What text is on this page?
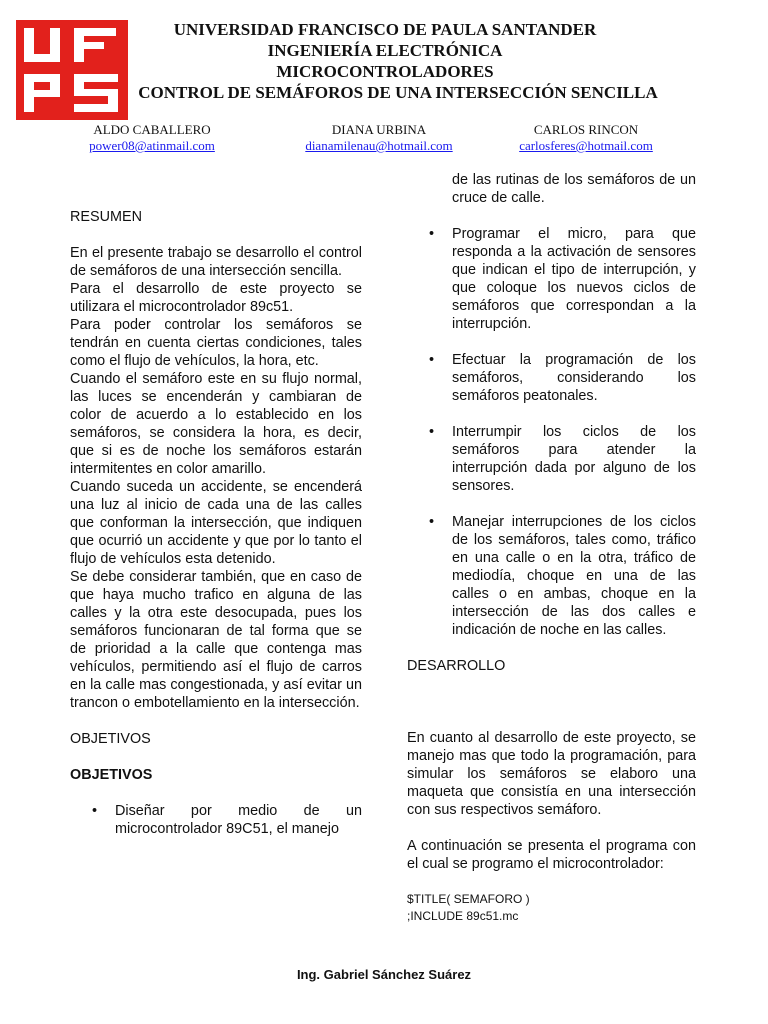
UNIVERSIDAD FRANCISCO DE PAULA SANTANDER
INGENIERÍA ELECTRÓNICA
MICROCONTROLADORES
CONTROL DE SEMÁFOROS DE UNA INTERSECCIÓN SENCILLA
ALDO CABALLERO
power08@atinmail.com
DIANA URBINA
dianamilenau@hotmail.com
CARLOS RINCON
carlosferes@hotmail.com

RESUMEN

En el presente trabajo se desarrollo el control de semáforos de una intersección sencilla.

Para el desarrollo de este proyecto se utilizara el microcontrolador 89c51.

Para poder controlar los semáforos se tendrán en cuenta ciertas condiciones, tales como el flujo de vehículos, la hora, etc.

Cuando el semáforo este en su flujo normal, las luces se encenderán y cambiaran de color de acuerdo a lo establecido en los semáforos, se considera la hora, es decir, que si es de noche los semáforos estarán intermitentes en color amarillo.

Cuando suceda un accidente, se encenderá una luz al inicio de cada una de las calles que conforman la intersección, que indiquen que ocurrió un accidente y que por lo tanto el flujo de vehículos esta detenido.

Se debe considerar también, que en caso de que haya mucho trafico en alguna de las calles y la otra este desocupada, pues los semáforos funcionaran de tal forma que se de prioridad a la calle que contenga mas vehículos, permitiendo así el flujo de carros en la calle mas congestionada, y así evitar un trancon o embotellamiento en la intersección.

OBJETIVOS

OBJETIVOS

• Diseñar por medio de un microcontrolador 89C51, el manejo
de las rutinas de los semáforos de un cruce de calle.
• Programar el micro, para que responda a la activación de sensores que indican el tipo de interrupción, y que coloque los nuevos ciclos de semáforos que correspondan a la interrupción.
• Efectuar la programación de los semáforos, considerando los semáforos peatonales.
• Interrumpir los ciclos de los semáforos para atender la interrupción dada por alguno de los sensores.
• Manejar interrupciones de los ciclos de los semáforos, tales como, tráfico en una calle o en la otra, tráfico de mediodía, choque en una de las calles o en ambas, choque en la intersección de las dos calles e indicación de noche en las calles.

DESARROLLO

En cuanto al desarrollo de este proyecto, se manejo mas que todo la programación, para simular los semáforos se elaboro una maqueta que consistía en una intersección con sus respectivos semáforo.

A continuación se presenta el programa con el cual se programo el microcontrolador:

$TITLE( SEMAFORO )
;INCLUDE 89c51.mc
Ing. Gabriel Sánchez Suárez
